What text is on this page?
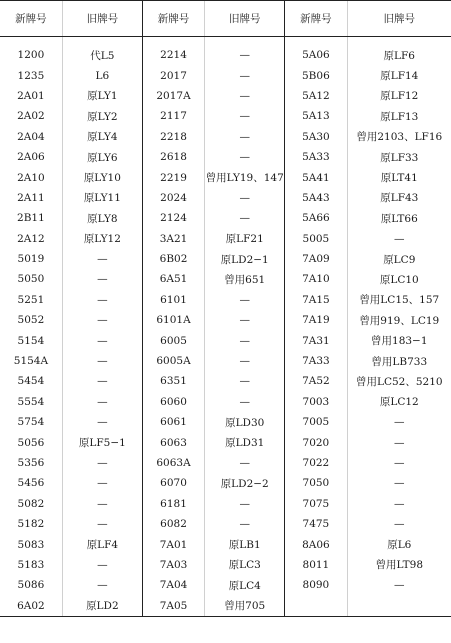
新牌号	旧牌号	新牌号	旧牌号	新牌号	旧牌号

1200	代L5	2214	—	5A06	原LF6
1235	L6	2017	—	5B06	原LF14
2A01	原LY1	2017A	—	5A12	原LF12
2A02	原LY2	2117	—	5A13	原LF13
2A04	原LY4	2218	—	5A30	曾用2103、LF16
2A06	原LY6	2618	—	5A33	原LF33
2A10	原LY10	2219	曾用LY19、147	5A41	原LT41
2A11	原LY11	2024	—	5A43	原LF43
2B11	原LY8	2124	—	5A66	原LT66
2A12	原LY12	3A21	原LF21	5005	—
5019	—	6B02	原LD2−1	7A09	原LC9
5050	—	6A51	曾用651	7A10	原LC10
5251	—	6101	—	7A15	曾用LC15、157
5052	—	6101A	—	7A19	曾用919、LC19
5154	—	6005	—	7A31	曾用183−1
5154A	—	6005A	—	7A33	曾用LB733
5454	—	6351	—	7A52	曾用LC52、5210
5554	—	6060	—	7003	原LC12
5754	—	6061	原LD30	7005	—
5056	原LF5−1	6063	原LD31	7020	—
5356	—	6063A	—	7022	—
5456	—	6070	原LD2−2	7050	—
5082	—	6181	—	7075	—
5182	—	6082	—	7475	—
5083	原LF4	7A01	原LB1	8A06	原L6
5183	—	7A03	原LC3	8011	曾用LT98
5086	—	7A04	原LC4	8090	—
6A02	原LD2	7A05	曾用705		
